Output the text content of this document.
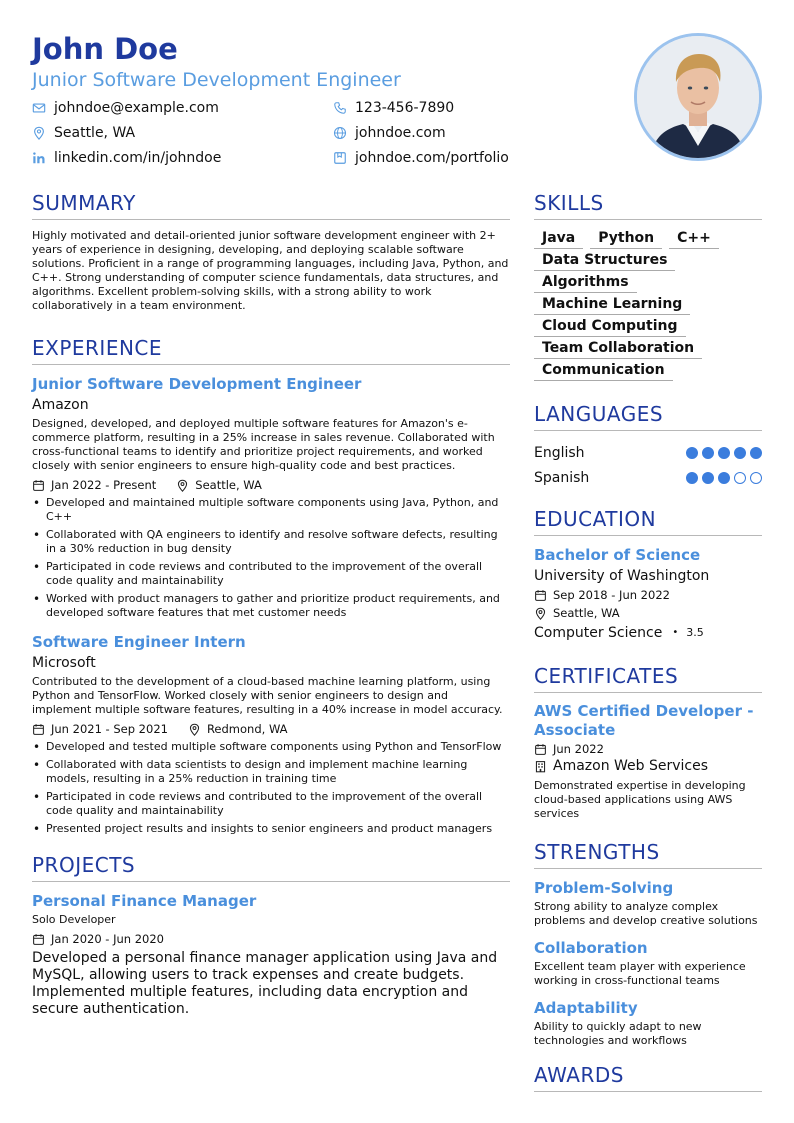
John Doe
Junior Software Development Engineer
johndoe@example.com	123-456-7890
Seattle, WA	johndoe.com
linkedin.com/in/johndoe	johndoe.com/portfolio
SUMMARY
Highly motivated and detail-oriented junior software development engineer with 2+ years of experience in designing, developing, and deploying scalable software solutions. Proficient in a range of programming languages, including Java, Python, and C++. Strong understanding of computer science fundamentals, data structures, and algorithms. Excellent problem-solving skills, with a strong ability to work collaboratively in a team environment.
EXPERIENCE
Junior Software Development Engineer
Amazon
Designed, developed, and deployed multiple software features for Amazon's e-commerce platform, resulting in a 25% increase in sales revenue. Collaborated with cross-functional teams to identify and prioritize project requirements, and worked closely with senior engineers to ensure high-quality code and best practices.
Jan 2022 - Present	Seattle, WA
• Developed and maintained multiple software components using Java, Python, and C++
• Collaborated with QA engineers to identify and resolve software defects, resulting in a 30% reduction in bug density
• Participated in code reviews and contributed to the improvement of the overall code quality and maintainability
• Worked with product managers to gather and prioritize product requirements, and developed software features that met customer needs
Software Engineer Intern
Microsoft
Contributed to the development of a cloud-based machine learning platform, using Python and TensorFlow. Worked closely with senior engineers to design and implement multiple software features, resulting in a 40% increase in model accuracy.
Jun 2021 - Sep 2021	Redmond, WA
• Developed and tested multiple software components using Python and TensorFlow
• Collaborated with data scientists to design and implement machine learning models, resulting in a 25% reduction in training time
• Participated in code reviews and contributed to the improvement of the overall code quality and maintainability
• Presented project results and insights to senior engineers and product managers
PROJECTS
Personal Finance Manager
Solo Developer
Jan 2020 - Jun 2020
Developed a personal finance manager application using Java and MySQL, allowing users to track expenses and create budgets. Implemented multiple features, including data encryption and secure authentication.
SKILLS
Java	Python	C++
Data Structures
Algorithms
Machine Learning
Cloud Computing
Team Collaboration
Communication
LANGUAGES
English
Spanish
EDUCATION
Bachelor of Science
University of Washington
Sep 2018 - Jun 2022
Seattle, WA
Computer Science • 3.5
CERTIFICATES
AWS Certified Developer - Associate
Jun 2022
Amazon Web Services
Demonstrated expertise in developing cloud-based applications using AWS services
STRENGTHS
Problem-Solving
Strong ability to analyze complex problems and develop creative solutions
Collaboration
Excellent team player with experience working in cross-functional teams
Adaptability
Ability to quickly adapt to new technologies and workflows
AWARDS
